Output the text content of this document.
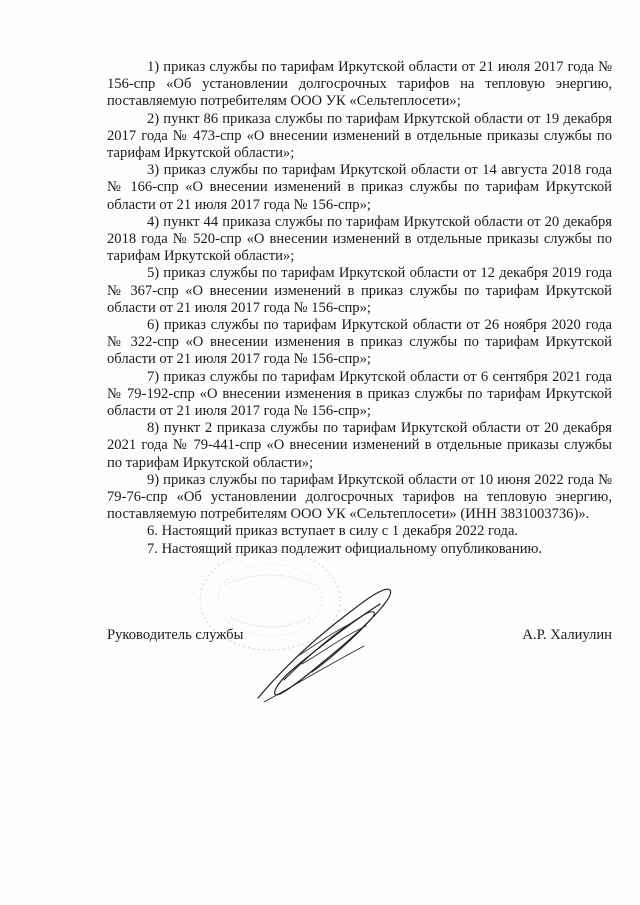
1) приказ службы по тарифам Иркутской области от 21 июля 2017 года № 156-спр «Об установлении долгосрочных тарифов на тепловую энергию, поставляемую потребителям ООО УК «Сельтеплосети»;

2) пункт 86 приказа службы по тарифам Иркутской области от 19 декабря 2017 года № 473-спр «О внесении изменений в отдельные приказы службы по тарифам Иркутской области»;

3) приказ службы по тарифам Иркутской области от 14 августа 2018 года № 166-спр «О внесении изменений в приказ службы по тарифам Иркутской области от 21 июля 2017 года № 156-спр»;

4) пункт 44 приказа службы по тарифам Иркутской области от 20 декабря 2018 года № 520-спр «О внесении изменений в отдельные приказы службы по тарифам Иркутской области»;

5) приказ службы по тарифам Иркутской области от 12 декабря 2019 года № 367-спр «О внесении изменений в приказ службы по тарифам Иркутской области от 21 июля 2017 года № 156-спр»;

6) приказ службы по тарифам Иркутской области от 26 ноября 2020 года № 322-спр «О внесении изменения в приказ службы по тарифам Иркутской области от 21 июля 2017 года № 156-спр»;

7) приказ службы по тарифам Иркутской области от 6 сентября 2021 года № 79-192-спр «О внесении изменения в приказ службы по тарифам Иркутской области от 21 июля 2017 года № 156-спр»;

8) пункт 2 приказа службы по тарифам Иркутской области от 20 декабря 2021 года № 79-441-спр «О внесении изменений в отдельные приказы службы по тарифам Иркутской области»;

9) приказ службы по тарифам Иркутской области от 10 июня 2022 года № 79-76-спр «Об установлении долгосрочных тарифов на тепловую энергию, поставляемую потребителям ООО УК «Сельтеплосети» (ИНН 3831003736)».

6. Настоящий приказ вступает в силу с 1 декабря 2022 года.

7. Настоящий приказ подлежит официальному опубликованию.

Руководитель службы	А.Р. Халиулин
